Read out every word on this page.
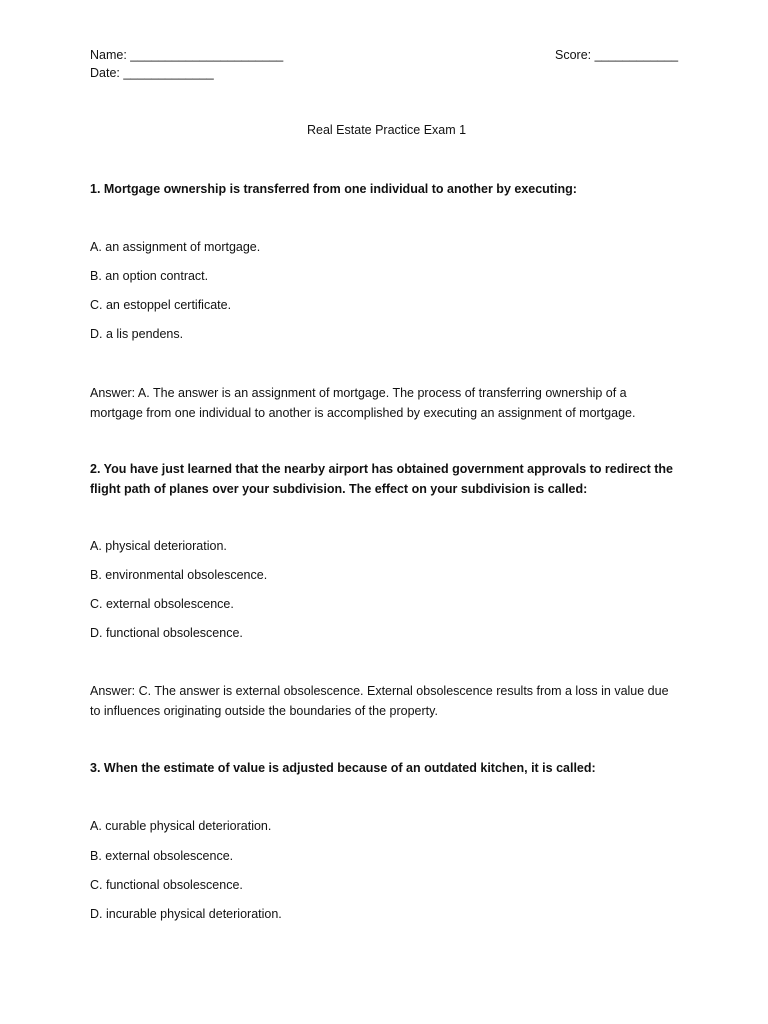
Name: ______________________	Score: ____________
Date: _____________
Real Estate Practice Exam 1
1. Mortgage ownership is transferred from one individual to another by executing:
A. an assignment of mortgage.
B. an option contract.
C. an estoppel certificate.
D. a lis pendens.
Answer: A. The answer is an assignment of mortgage. The process of transferring ownership of a
mortgage from one individual to another is accomplished by executing an assignment of mortgage.
2. You have just learned that the nearby airport has obtained government approvals to redirect the
flight path of planes over your subdivision. The effect on your subdivision is called:
A. physical deterioration.
B. environmental obsolescence.
C. external obsolescence.
D. functional obsolescence.
Answer: C. The answer is external obsolescence. External obsolescence results from a loss in value due
to influences originating outside the boundaries of the property.
3. When the estimate of value is adjusted because of an outdated kitchen, it is called:
A. curable physical deterioration.
B. external obsolescence.
C. functional obsolescence.
D. incurable physical deterioration.
